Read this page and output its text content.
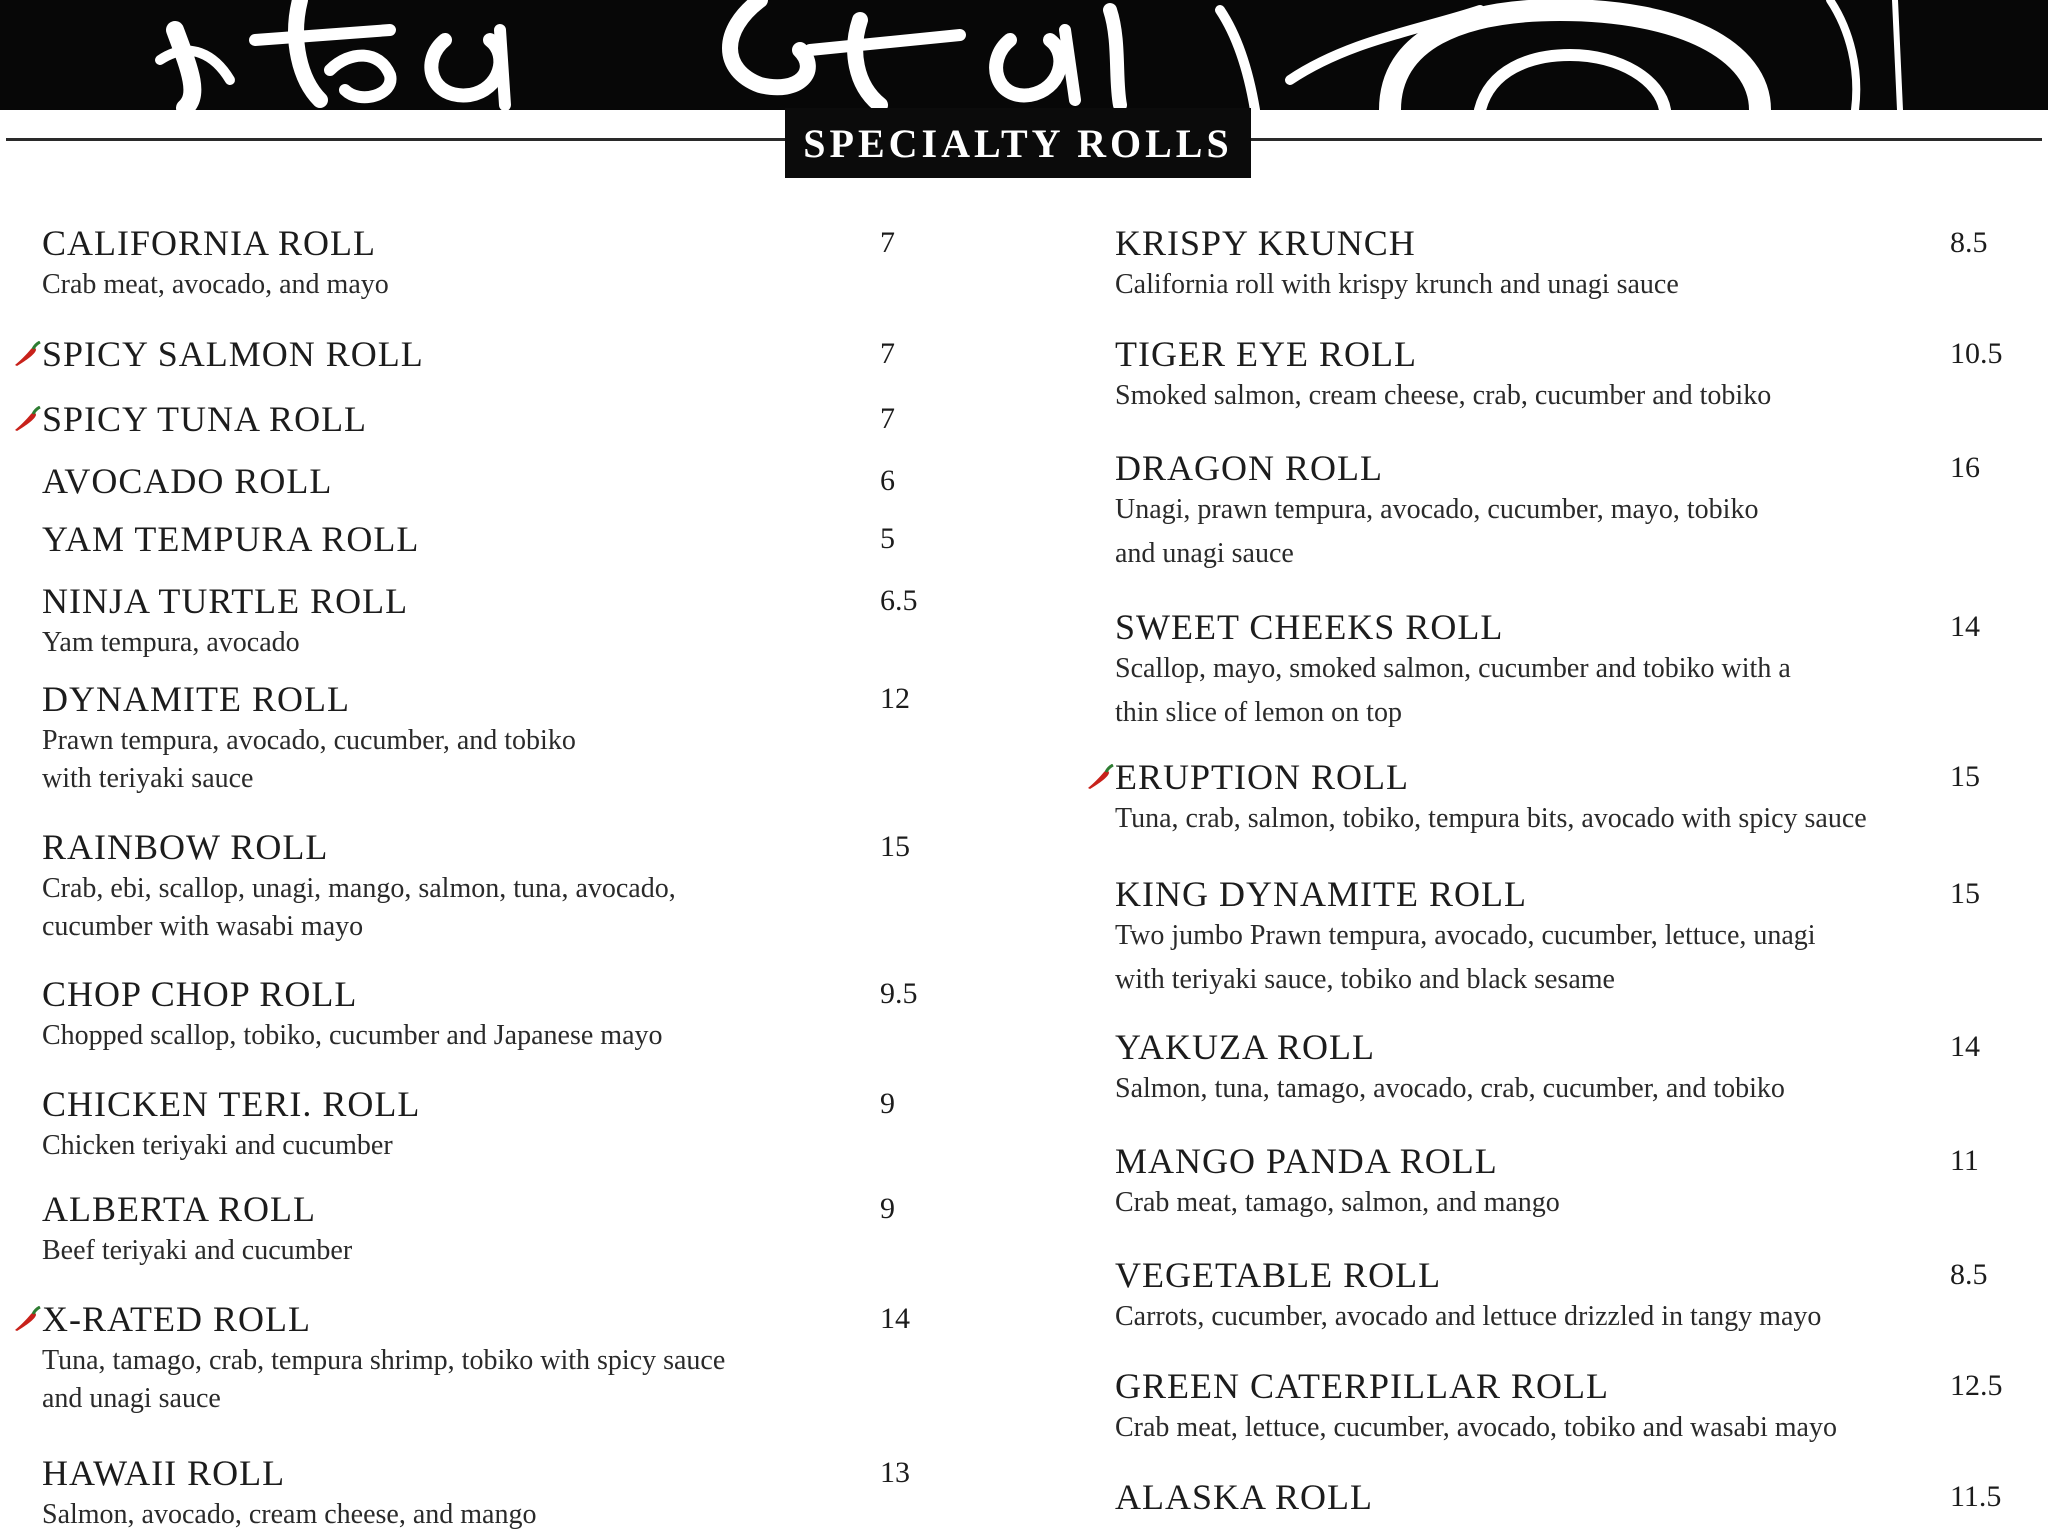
SPECIALTY ROLLS
CALIFORNIA ROLL	7
Crab meat, avocado, and mayo
SPICY SALMON ROLL	7
SPICY TUNA ROLL	7
AVOCADO ROLL	6
YAM TEMPURA ROLL	5
NINJA TURTLE ROLL	6.5
Yam tempura, avocado
DYNAMITE ROLL	12
Prawn tempura, avocado, cucumber, and tobiko
with teriyaki sauce
RAINBOW ROLL	15
Crab, ebi, scallop, unagi, mango, salmon, tuna, avocado,
cucumber with wasabi mayo
CHOP CHOP ROLL	9.5
Chopped scallop, tobiko, cucumber and Japanese mayo
CHICKEN TERI. ROLL	9
Chicken teriyaki and cucumber
ALBERTA ROLL	9
Beef teriyaki and cucumber
X-RATED ROLL	14
Tuna, tamago, crab, tempura shrimp, tobiko with spicy sauce
and unagi sauce
HAWAII ROLL	13
Salmon, avocado, cream cheese, and mango
KRISPY KRUNCH	8.5
California roll with krispy krunch and unagi sauce
TIGER EYE ROLL	10.5
Smoked salmon, cream cheese, crab, cucumber and tobiko
DRAGON ROLL	16
Unagi, prawn tempura, avocado, cucumber, mayo, tobiko
and unagi sauce
SWEET CHEEKS ROLL	14
Scallop, mayo, smoked salmon, cucumber and tobiko with a
thin slice of lemon on top
ERUPTION ROLL	15
Tuna, crab, salmon, tobiko, tempura bits, avocado with spicy sauce
KING DYNAMITE ROLL	15
Two jumbo Prawn tempura, avocado, cucumber, lettuce, unagi
with teriyaki sauce, tobiko and black sesame
YAKUZA ROLL	14
Salmon, tuna, tamago, avocado, crab, cucumber, and tobiko
MANGO PANDA ROLL	11
Crab meat, tamago, salmon, and mango
VEGETABLE ROLL	8.5
Carrots, cucumber, avocado and lettuce drizzled in tangy mayo
GREEN CATERPILLAR ROLL	12.5
Crab meat, lettuce, cucumber, avocado, tobiko and wasabi mayo
ALASKA ROLL	11.5
